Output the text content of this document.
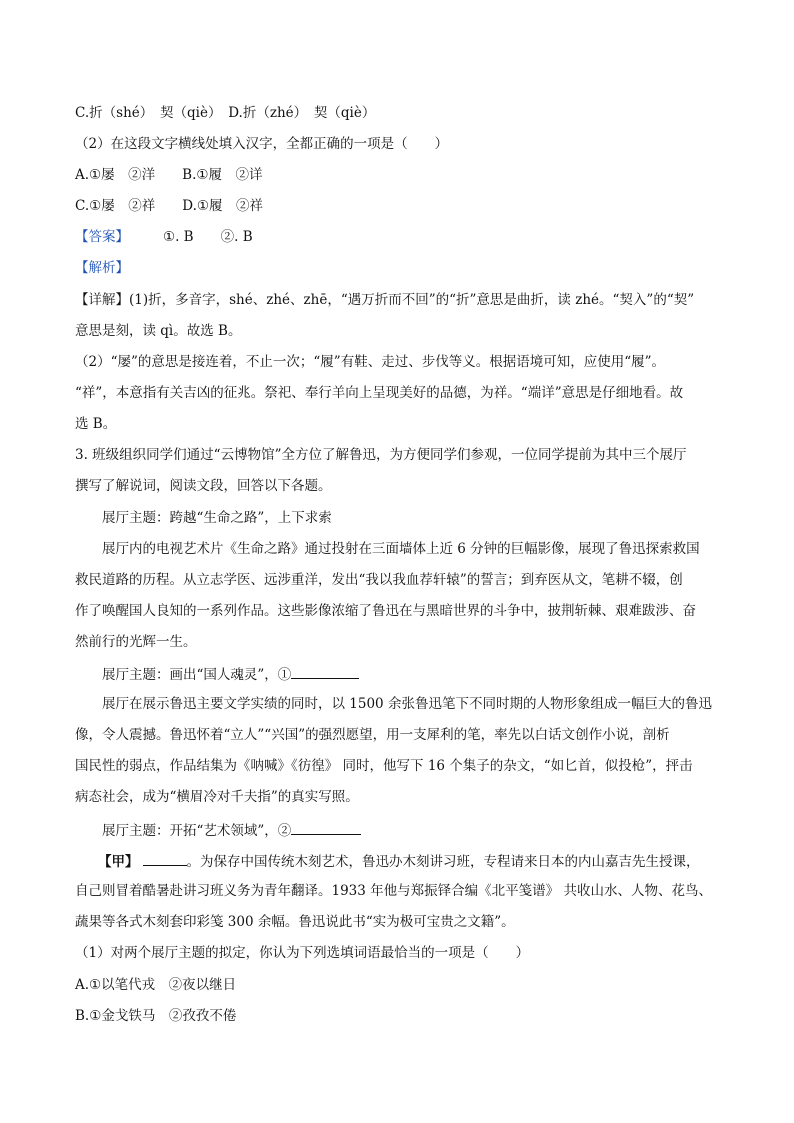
C.折（shé）　契（qiè）　D.折（zhé）　契（qiè）
（2）在这段文字横线处填入汉字，全都正确的一项是（　　）
A.①屡　②洋　　B.①履　②详
C.①屡　②祥　　D.①履　②祥
【答案】	①. B　　②. B
【解析】
【详解】(1)折，多音字，shé、zhé、zhē，“遇万折而不回”的“折”意思是曲折，读 zhé。“契入”的“契”
意思是刻，读 qì。故选 B。
（2）“屡”的意思是接连着，不止一次；“履”有鞋、走过、步伐等义。根据语境可知，应使用“履”。
“祥”，本意指有关吉凶的征兆。祭祀、奉行羊向上呈现美好的品德，为祥。“端详”意思是仔细地看。故
选 B。
3. 班级组织同学们通过“云博物馆”全方位了解鲁迅，为方便同学们参观，一位同学提前为其中三个展厅
撰写了解说词，阅读文段，回答以下各题。
展厅主题：跨越“生命之路”，上下求索
展厅内的电视艺术片《生命之路》通过投射在三面墙体上近 6 分钟的巨幅影像，展现了鲁迅探索救国
救民道路的历程。从立志学医、远涉重洋，发出“我以我血荐轩辕”的誓言；到弃医从文，笔耕不辍，创
作了唤醒国人良知的一系列作品。这些影像浓缩了鲁迅在与黑暗世界的斗争中，披荆斩棘、艰难跋涉、奋
然前行的光辉一生。
展厅主题：画出“国人魂灵”，①
展厅在展示鲁迅主要文学实绩的同时，以 1500 余张鲁迅笔下不同时期的人物形象组成一幅巨大的鲁迅
像，令人震撼。鲁迅怀着“立人”“兴国”的强烈愿望，用一支犀利的笔，率先以白话文创作小说，剖析
国民性的弱点，作品结集为《呐喊》《彷徨》 同时，他写下 16 个集子的杂文，“如匕首，似投枪”，抨击
病态社会，成为“横眉冷对千夫指”的真实写照。
展厅主题：开拓“艺术领域”，②
【甲】	。为保存中国传统木刻艺术，鲁迅办木刻讲习班，专程请来日本的内山嘉吉先生授课，
自己则冒着酷暑赴讲习班义务为青年翻译。1933 年他与郑振铎合编《北平笺谱》 共收山水、人物、花鸟、
蔬果等各式木刻套印彩笺 300 余幅。鲁迅说此书“实为极可宝贵之文籍”。
（1）对两个展厅主题的拟定，你认为下列选填词语最恰当的一项是（　　）
A.①以笔代戎　②夜以继日
B.①金戈铁马　②孜孜不倦
